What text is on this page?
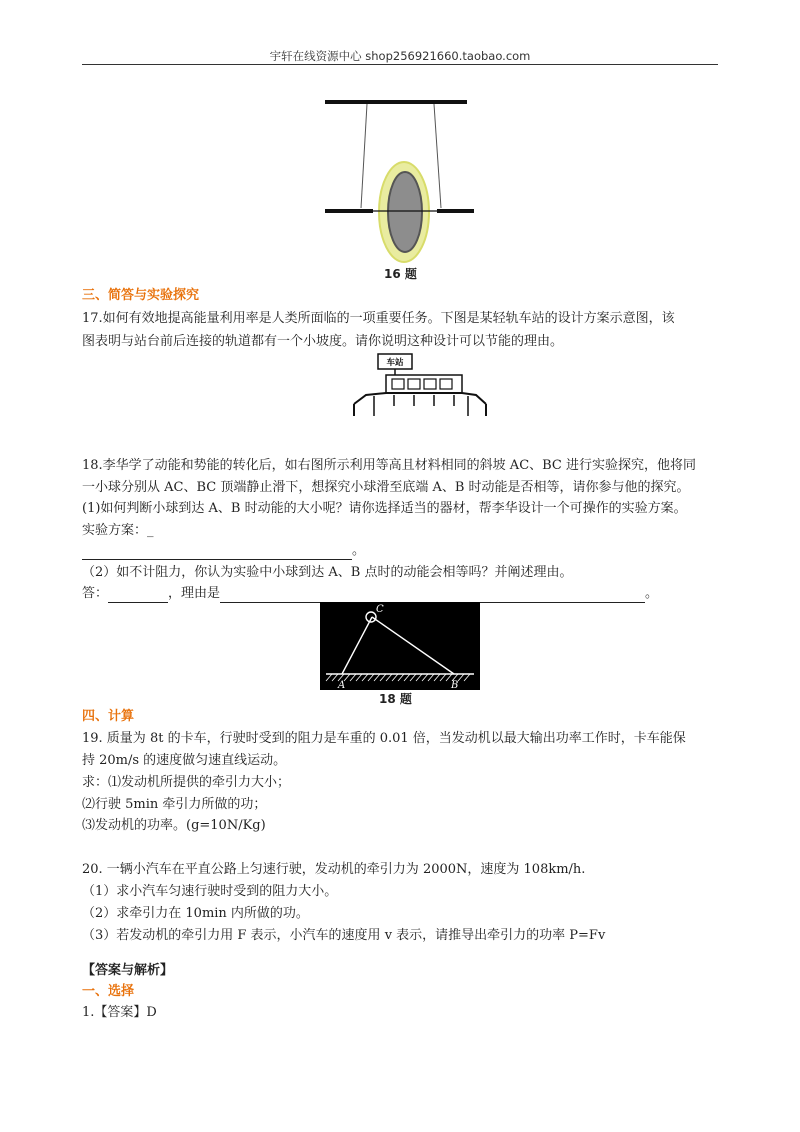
宇轩在线资源中心 shop256921660.taobao.com
16 题
三、简答与实验探究
17.如何有效地提高能量利用率是人类所面临的一项重要任务。下图是某轻轨车站的设计方案示意图，该
图表明与站台前后连接的轨道都有一个小坡度。请你说明这种设计可以节能的理由。
车站
18.李华学了动能和势能的转化后，如右图所示利用等高且材料相同的斜坡 AC、BC 进行实验探究，他将同
一小球分别从 AC、BC 顶端静止滑下，想探究小球滑至底端 A、B 时动能是否相等，请你参与他的探究。
(1)如何判断小球到达 A、B 时动能的大小呢？请你选择适当的器材，帮李华设计一个可操作的实验方案。
实验方案：_
。
（2）如不计阻力，你认为实验中小球到达 A、B 点时的动能会相等吗？并阐述理由。
答：	，理由是	。
C
A	B
18 题
四、计算
19. 质量为 8t 的卡车，行驶时受到的阻力是车重的 0.01 倍，当发动机以最大输出功率工作时，卡车能保
持 20m/s 的速度做匀速直线运动。
求：⑴发动机所提供的牵引力大小；
⑵行驶 5min 牵引力所做的功；
⑶发动机的功率。(g=10N/Kg)
20. 一辆小汽车在平直公路上匀速行驶，发动机的牵引力为 2000N，速度为 108km/h.
（1）求小汽车匀速行驶时受到的阻力大小。
（2）求牵引力在 10min 内所做的功。
（3）若发动机的牵引力用 F 表示，小汽车的速度用 v 表示，请推导出牵引力的功率 P=Fv
【答案与解析】
一、选择
1.【答案】D
